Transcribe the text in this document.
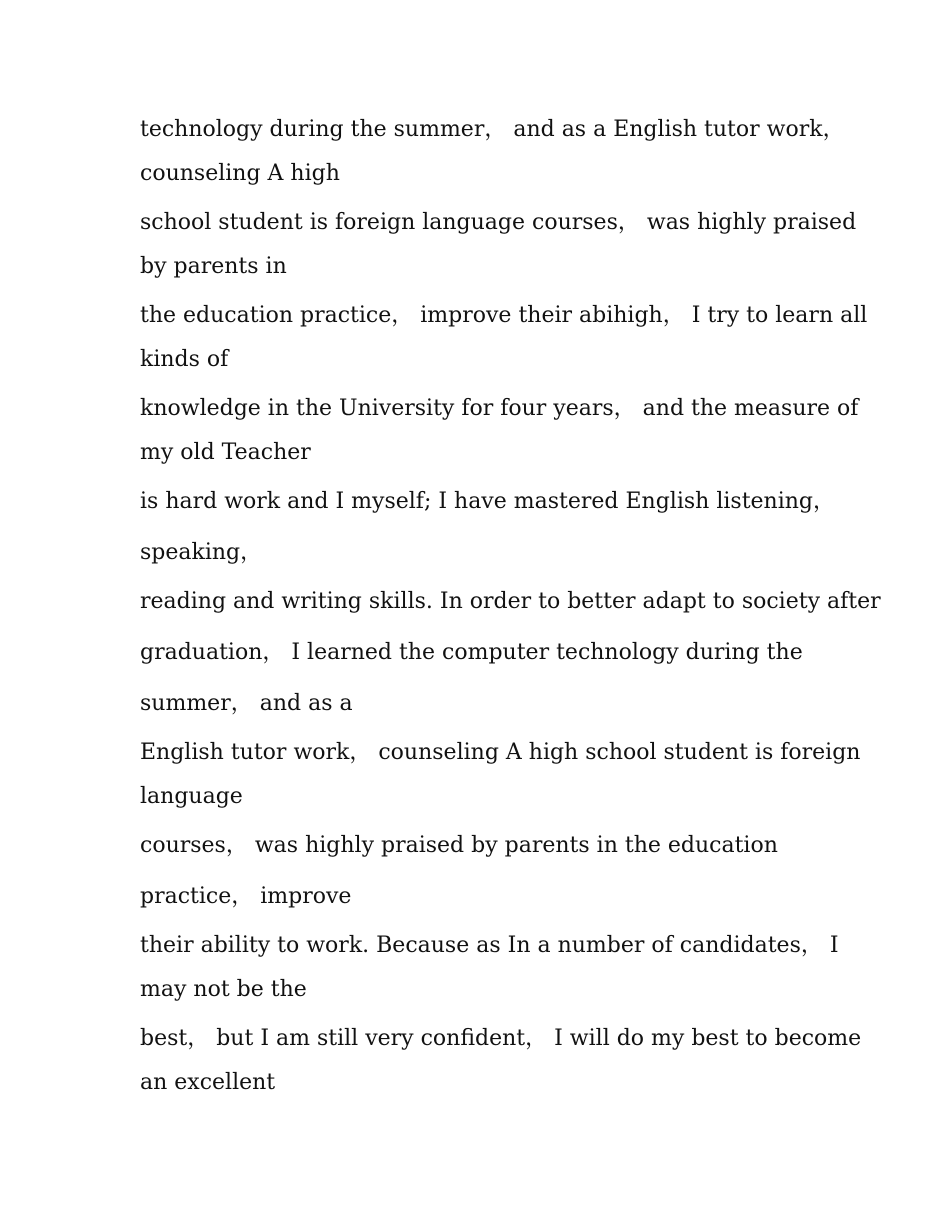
technology during the summer， and as a English tutor work，
counseling A high
school student is foreign language courses， was highly praised
by parents in
the education practice， improve their abihigh， I try to learn all
kinds of
knowledge in the University for four years， and the measure of
my old Teacher
is hard work and I myself; I have mastered English listening，
speaking，
reading and writing skills. In order to better adapt to society after
graduation， I learned the computer technology during the
summer， and as a
English tutor work， counseling A high school student is foreign
language
courses， was highly praised by parents in the education
practice， improve
their ability to work. Because as In a number of candidates， I
may not be the
best， but I am still very confident， I will do my best to become
an excellent
